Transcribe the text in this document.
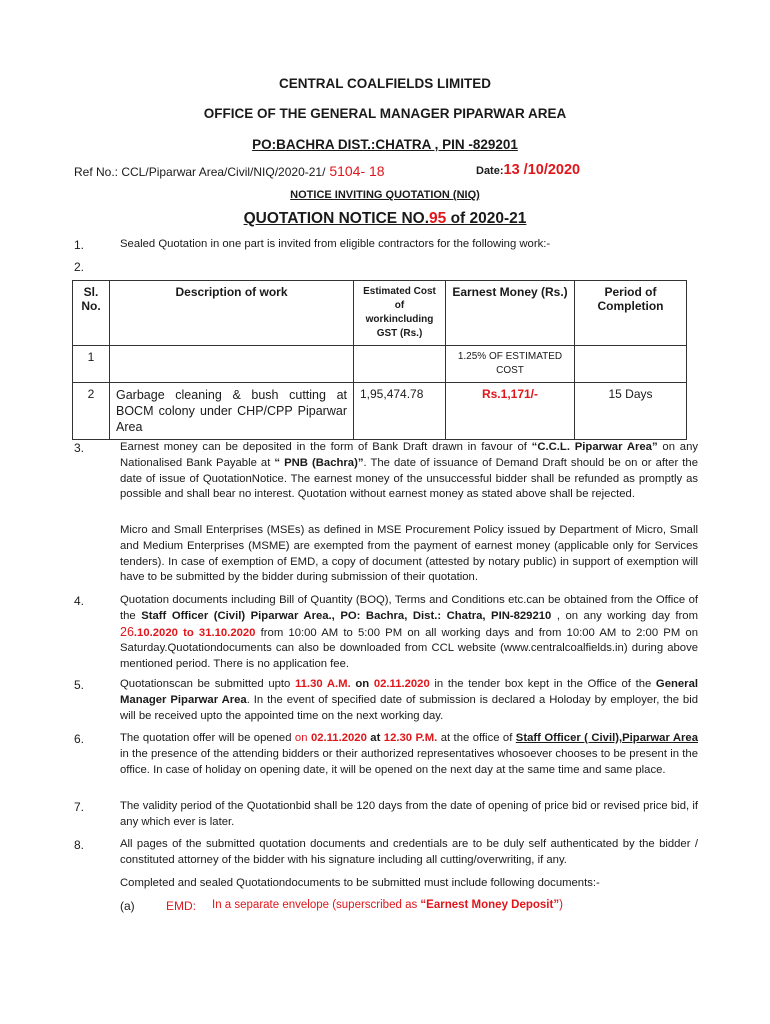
CENTRAL COALFIELDS LIMITED
OFFICE OF THE GENERAL MANAGER PIPARWAR AREA
PO:BACHRA DIST.:CHATRA , PIN -829201
Ref No.: CCL/Piparwar Area/Civil/NIQ/2020-21/ 5104- 18	Date:13 /10/2020
NOTICE INVITING QUOTATION (NIQ)
QUOTATION NOTICE NO.95 of 2020-21
1.	Sealed Quotation in one part is invited from eligible contractors for the following work:-
2.
Sl. No.	Description of work	Estimated Cost of workincluding GST (Rs.)	Earnest Money (Rs.)	Period of Completion
1			1.25% OF ESTIMATED COST	
2	Garbage cleaning & bush cutting at BOCM colony under CHP/CPP Piparwar Area	1,95,474.78	Rs.1,171/-	15 Days
3.	Earnest money can be deposited in the form of Bank Draft drawn in favour of “C.C.L. Piparwar Area” on any Nationalised Bank Payable at “ PNB (Bachra)”. The date of issuance of Demand Draft should be on or after the date of issue of QuotationNotice. The earnest money of the unsuccessful bidder shall be refunded as promptly as possible and shall bear no interest. Quotation without earnest money as stated above shall be rejected.
Micro and Small Enterprises (MSEs) as defined in MSE Procurement Policy issued by Department of Micro, Small and Medium Enterprises (MSME) are exempted from the payment of earnest money (applicable only for Services tenders). In case of exemption of EMD, a copy of document (attested by notary public) in support of exemption will have to be submitted by the bidder during submission of their quotation.
4.	Quotation documents including Bill of Quantity (BOQ), Terms and Conditions etc.can be obtained from the Office of the Staff Officer (Civil) Piparwar Area., PO: Bachra, Dist.: Chatra, PIN-829210 , on any working day from 26.10.2020 to 31.10.2020 from 10:00 AM to 5:00 PM on all working days and from 10:00 AM to 2:00 PM on Saturday.Quotationdocuments can also be downloaded from CCL website (www.centralcoalfields.in) during above mentioned period. There is no application fee.
5.	Quotationscan be submitted upto 11.30 A.M. on 02.11.2020 in the tender box kept in the Office of the General Manager Piparwar Area. In the event of specified date of submission is declared a Holoday by employer, the bid will be received upto the appointed time on the next working day.
6.	The quotation offer will be opened on 02.11.2020 at 12.30 P.M. at the office of Staff Officer ( Civil),Piparwar Area in the presence of the attending bidders or their authorized representatives whosoever chooses to be present in the office. In case of holiday on opening date, it will be opened on the next day at the same time and same place.
7.	The validity period of the Quotationbid shall be 120 days from the date of opening of price bid or revised price bid, if any which ever is later.
8.	All pages of the submitted quotation documents and credentials are to be duly self authenticated by the bidder / constituted attorney of the bidder with his signature including all cutting/overwriting, if any.
Completed and sealed Quotationdocuments to be submitted must include following documents:-
(a)	EMD: In a separate envelope (superscribed as “Earnest Money Deposit”)
